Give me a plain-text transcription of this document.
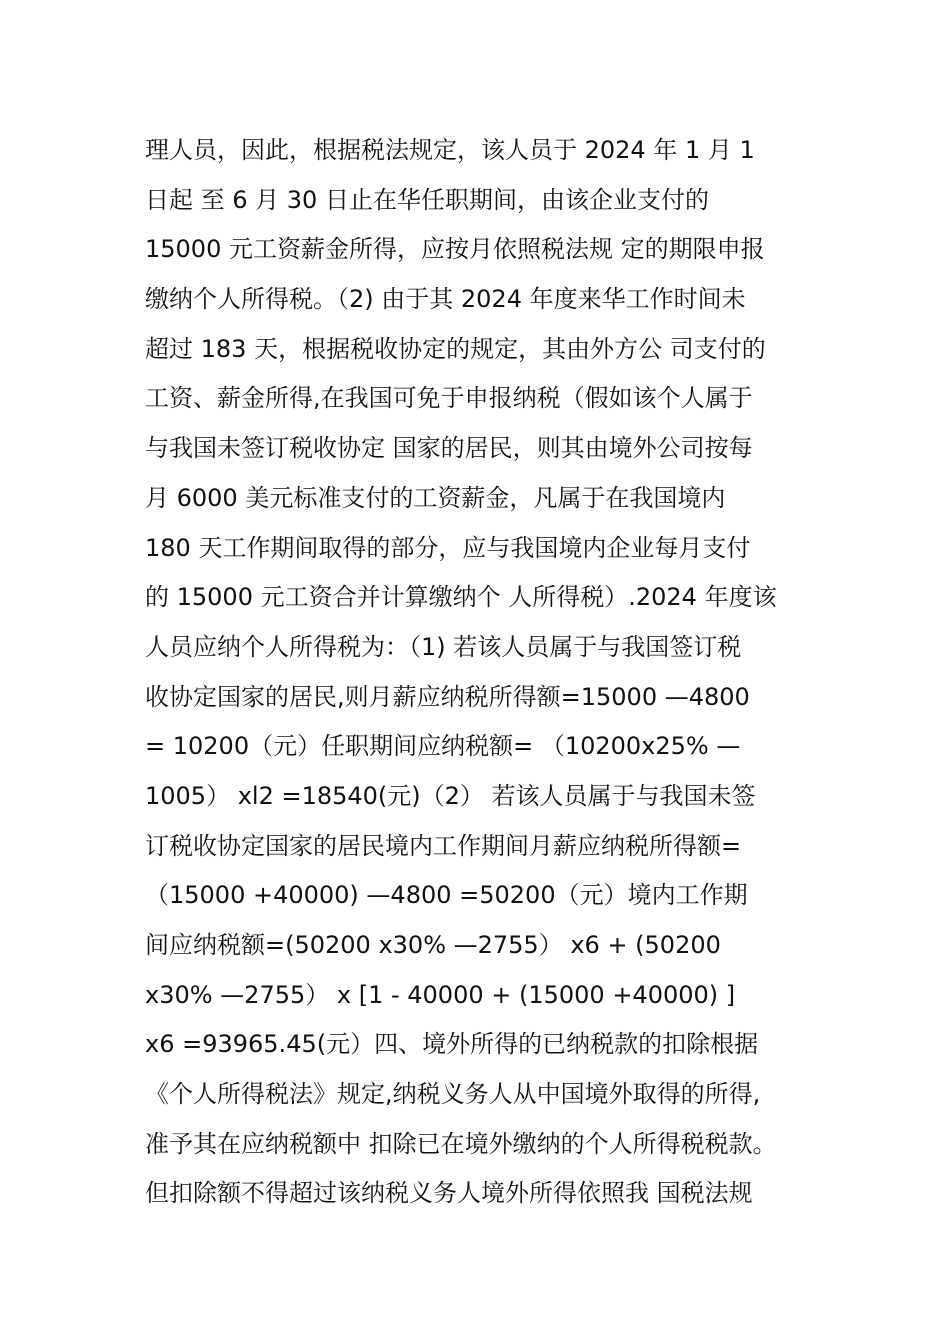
理人员，因此，根据税法规定，该人员于 2024 年 1 月 1
日起 至 6 月 30 日止在华任职期间，由该企业支付的
15000 元工资薪金所得，应按月依照税法规 定的期限申报
缴纳个人所得税。（2) 由于其 2024 年度来华工作时间未
超过 183 天，根据税收协定的规定，其由外方公 司支付的
工资、薪金所得,在我国可免于申报纳税（假如该个人属于
与我国未签订税收协定 国家的居民，则其由境外公司按每
月 6000 美元标准支付的工资薪金，凡属于在我国境内
180 天工作期间取得的部分，应与我国境内企业每月支付
的 15000 元工资合并计算缴纳个 人所得税）.2024 年度该
人员应纳个人所得税为：（1) 若该人员属于与我国签订税
收协定国家的居民,则月薪应纳税所得额=15000 —4800
= 10200（元）任职期间应纳税额= （10200x25% —
1005） xl2 =18540(元)（2） 若该人员属于与我国未签
订税收协定国家的居民境内工作期间月薪应纳税所得额=
（15000 +40000) —4800 =50200（元）境内工作期
间应纳税额=(50200 x30% —2755） x6 + (50200
x30% —2755） x [1 - 40000 + (15000 +40000) ]
x6 =93965.45(元）四、境外所得的已纳税款的扣除根据
《个人所得税法》规定,纳税义务人从中国境外取得的所得,
准予其在应纳税额中 扣除已在境外缴纳的个人所得税税款。
但扣除额不得超过该纳税义务人境外所得依照我 国税法规
